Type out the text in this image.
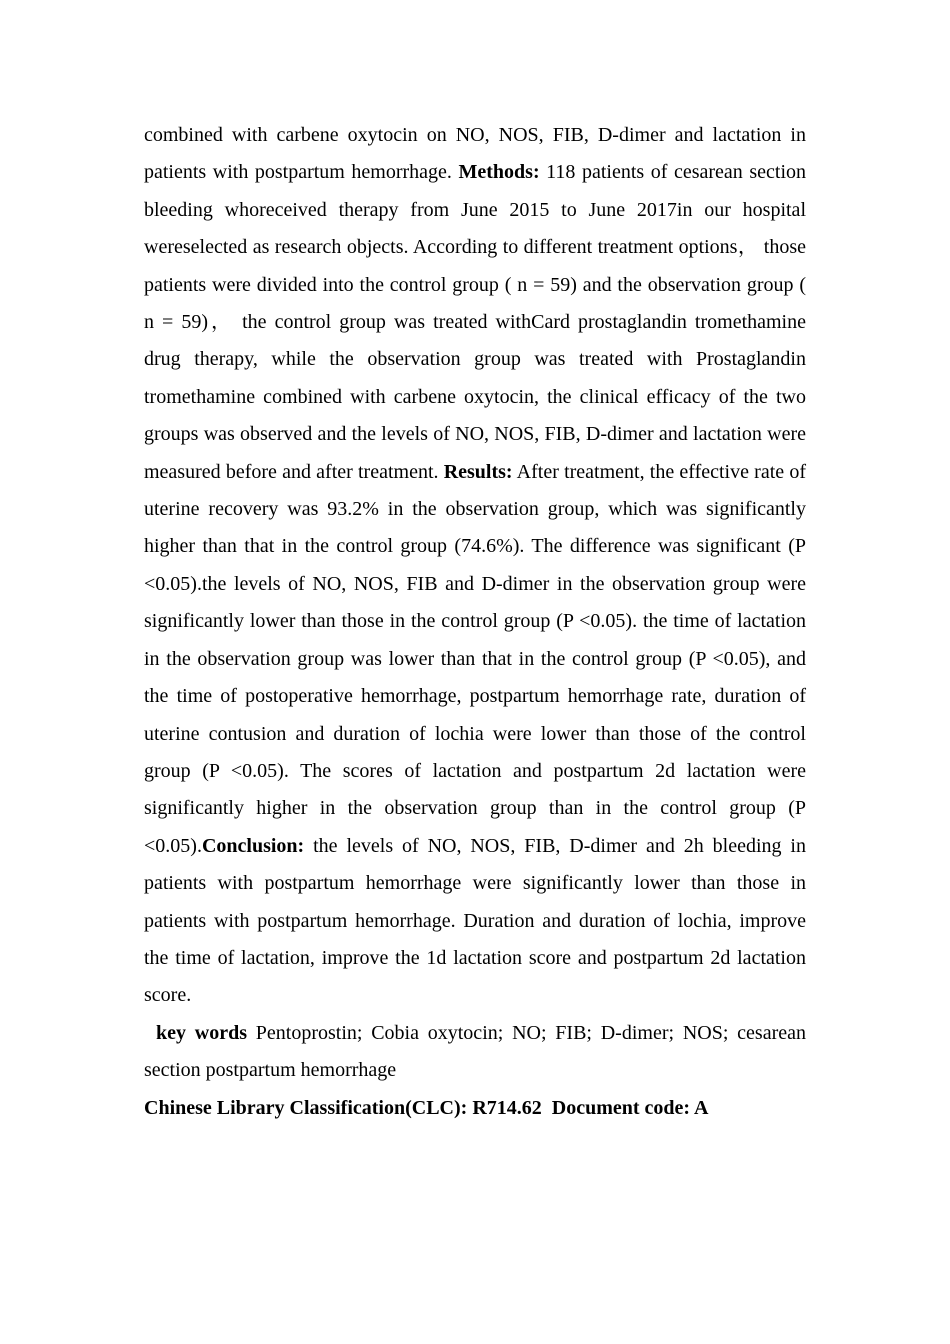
combined with carbene oxytocin on NO, NOS, FIB, D-dimer and lactation in patients with postpartum hemorrhage. Methods: 118 patients of cesarean section bleeding whoreceived therapy from June 2015 to June 2017in our hospital wereselected as research objects. According to different treatment options， those patients were divided into the control group ( n = 59) and the observation group ( n = 59)， the control group was treated withCard prostaglandin tromethamine drug therapy, while the observation group was treated with Prostaglandin tromethamine combined with carbene oxytocin, the clinical efficacy of the two groups was observed and the levels of NO, NOS, FIB, D-dimer and lactation were measured before and after treatment. Results: After treatment, the effective rate of uterine recovery was 93.2% in the observation group, which was significantly higher than that in the control group (74.6%). The difference was significant (P <0.05).the levels of NO, NOS, FIB and D-dimer in the observation group were significantly lower than those in the control group (P <0.05). the time of lactation in the observation group was lower than that in the control group (P <0.05), and the time of postoperative hemorrhage, postpartum hemorrhage rate, duration of uterine contusion and duration of lochia were lower than those of the control group (P <0.05). The scores of lactation and postpartum 2d lactation were significantly higher in the observation group than in the control group (P <0.05).Conclusion: the levels of NO, NOS, FIB, D-dimer and 2h bleeding in patients with postpartum hemorrhage were significantly lower than those in patients with postpartum hemorrhage. Duration and duration of lochia, improve the time of lactation, improve the 1d lactation score and postpartum 2d lactation score.

key words Pentoprostin; Cobia oxytocin; NO; FIB; D-dimer; NOS; cesarean section postpartum hemorrhage

Chinese Library Classification(CLC): R714.62 Document code: A
